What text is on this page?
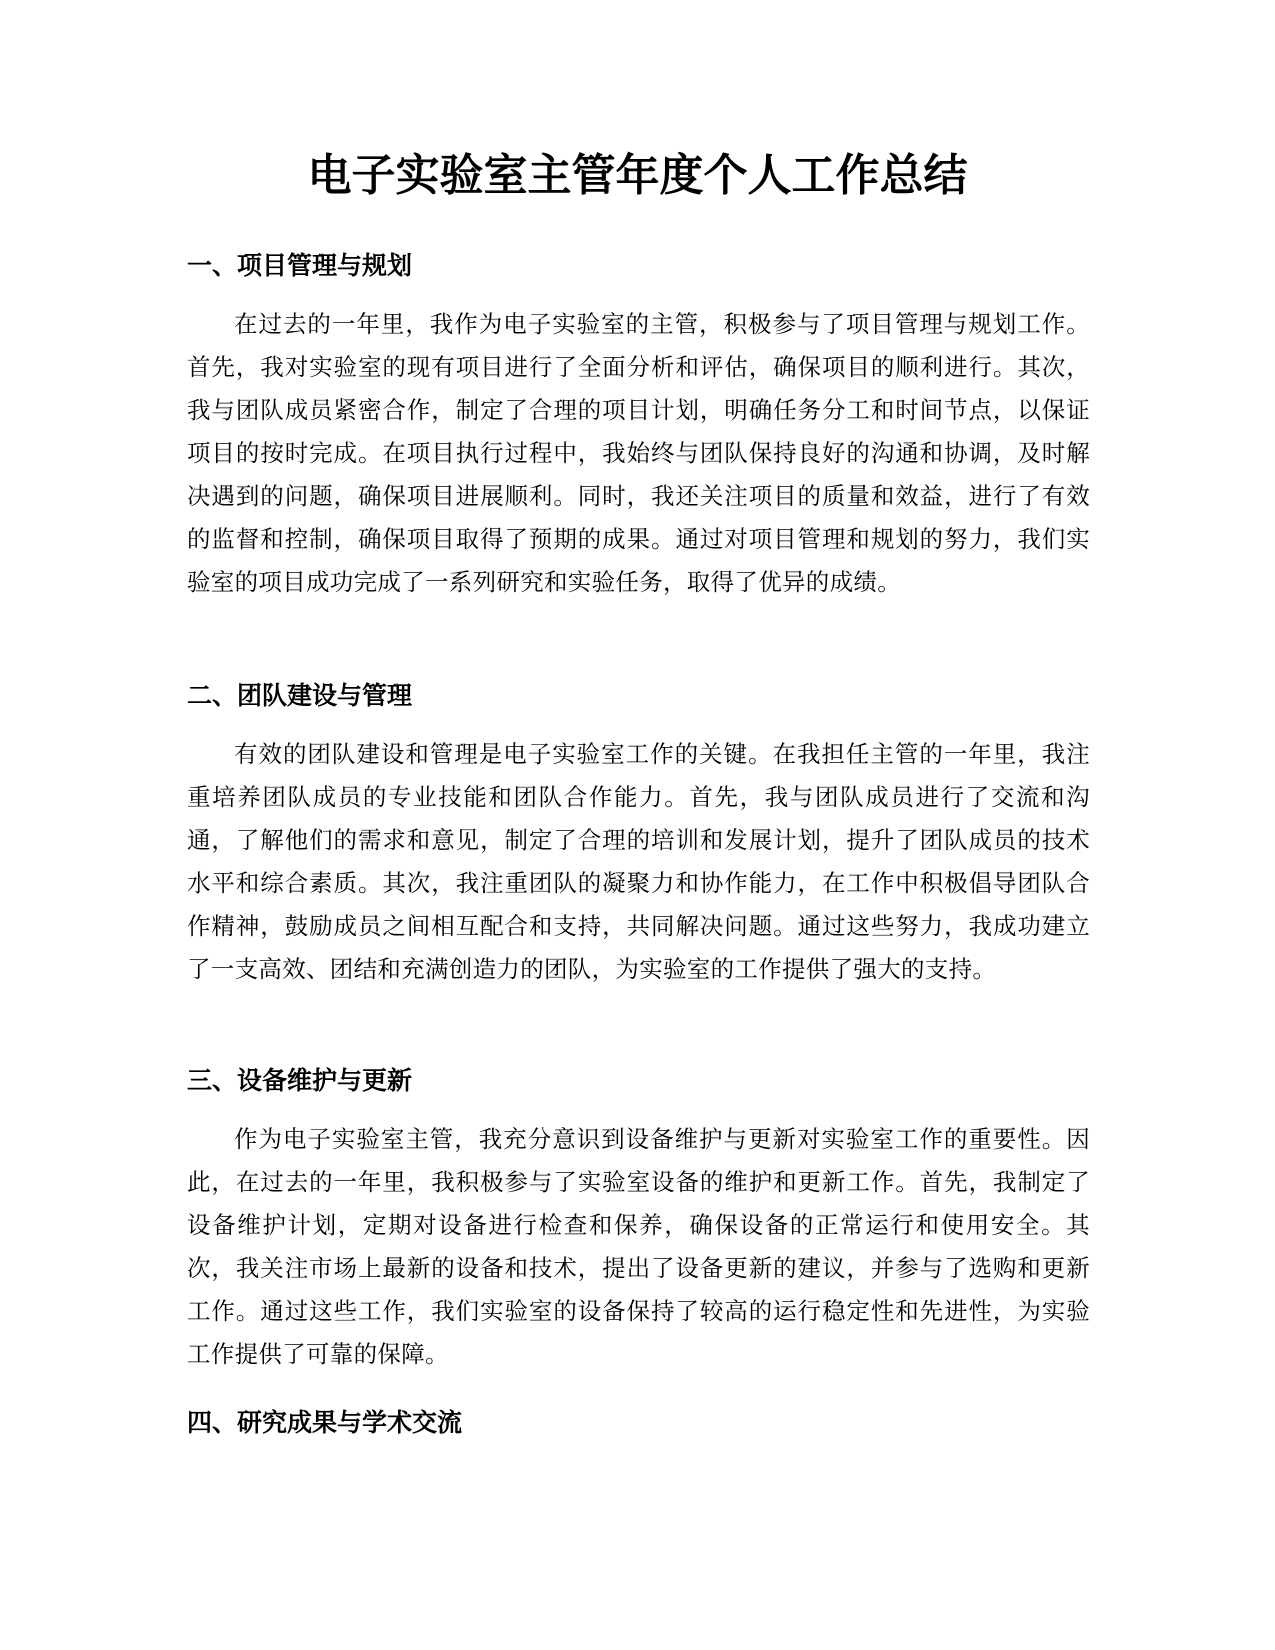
电子实验室主管年度个人工作总结
一、项目管理与规划

在过去的一年里，我作为电子实验室的主管，积极参与了项目管理与规划工作。首先，我对实验室的现有项目进行了全面分析和评估，确保项目的顺利进行。其次，我与团队成员紧密合作，制定了合理的项目计划，明确任务分工和时间节点，以保证项目的按时完成。在项目执行过程中，我始终与团队保持良好的沟通和协调，及时解决遇到的问题，确保项目进展顺利。同时，我还关注项目的质量和效益，进行了有效的监督和控制，确保项目取得了预期的成果。通过对项目管理和规划的努力，我们实验室的项目成功完成了一系列研究和实验任务，取得了优异的成绩。

二、团队建设与管理

有效的团队建设和管理是电子实验室工作的关键。在我担任主管的一年里，我注重培养团队成员的专业技能和团队合作能力。首先，我与团队成员进行了交流和沟通，了解他们的需求和意见，制定了合理的培训和发展计划，提升了团队成员的技术水平和综合素质。其次，我注重团队的凝聚力和协作能力，在工作中积极倡导团队合作精神，鼓励成员之间相互配合和支持，共同解决问题。通过这些努力，我成功建立了一支高效、团结和充满创造力的团队，为实验室的工作提供了强大的支持。

三、设备维护与更新

作为电子实验室主管，我充分意识到设备维护与更新对实验室工作的重要性。因此，在过去的一年里，我积极参与了实验室设备的维护和更新工作。首先，我制定了设备维护计划，定期对设备进行检查和保养，确保设备的正常运行和使用安全。其次，我关注市场上最新的设备和技术，提出了设备更新的建议，并参与了选购和更新工作。通过这些工作，我们实验室的设备保持了较高的运行稳定性和先进性，为实验工作提供了可靠的保障。

四、研究成果与学术交流
